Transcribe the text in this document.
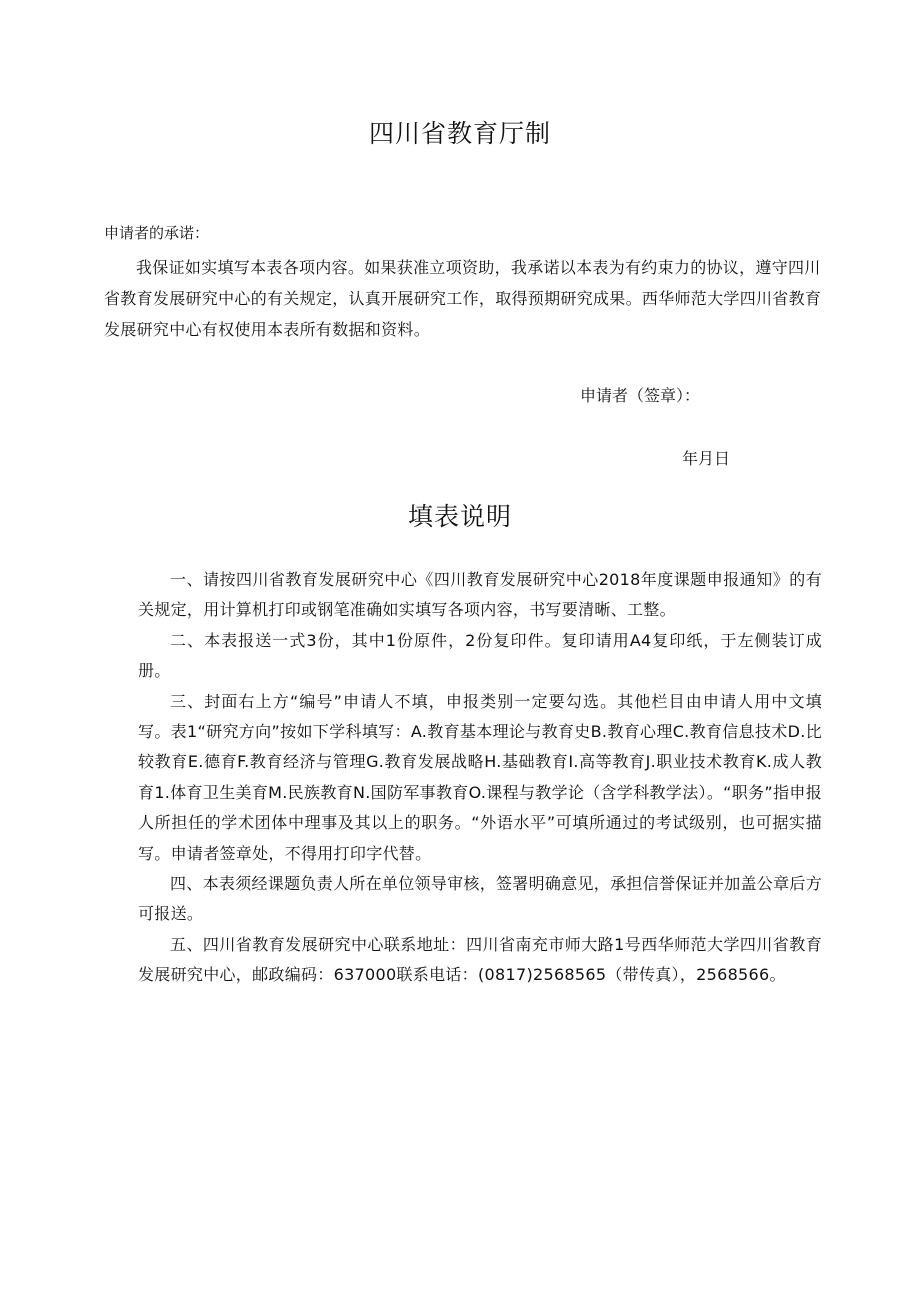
四川省教育厅制

申请者的承诺：

我保证如实填写本表各项内容。如果获准立项资助，我承诺以本表为有约束力的协议，遵守四川省教育发展研究中心的有关规定，认真开展研究工作，取得预期研究成果。西华师范大学四川省教育发展研究中心有权使用本表所有数据和资料。

申请者（签章）：

年月日

填表说明

一、请按四川省教育发展研究中心《四川教育发展研究中心2018年度课题申报通知》的有关规定，用计算机打印或钢笔准确如实填写各项内容，书写要清晰、工整。

二、本表报送一式3份，其中1份原件，2份复印件。复印请用A4复印纸，于左侧装订成册。

三、封面右上方“编号”申请人不填，申报类别一定要勾选。其他栏目由申请人用中文填写。表1“研究方向”按如下学科填写：A.教育基本理论与教育史B.教育心理C.教育信息技术D.比较教育E.德育F.教育经济与管理G.教育发展战略H.基础教育I.高等教育J.职业技术教育K.成人教育1.体育卫生美育M.民族教育N.国防军事教育O.课程与教学论（含学科教学法）。“职务”指申报人所担任的学术团体中理事及其以上的职务。“外语水平”可填所通过的考试级别，也可据实描写。申请者签章处，不得用打印字代替。

四、本表须经课题负责人所在单位领导审核，签署明确意见，承担信誉保证并加盖公章后方可报送。

五、四川省教育发展研究中心联系地址：四川省南充市师大路1号西华师范大学四川省教育发展研究中心，邮政编码：637000联系电话：(0817)2568565（带传真），2568566。
